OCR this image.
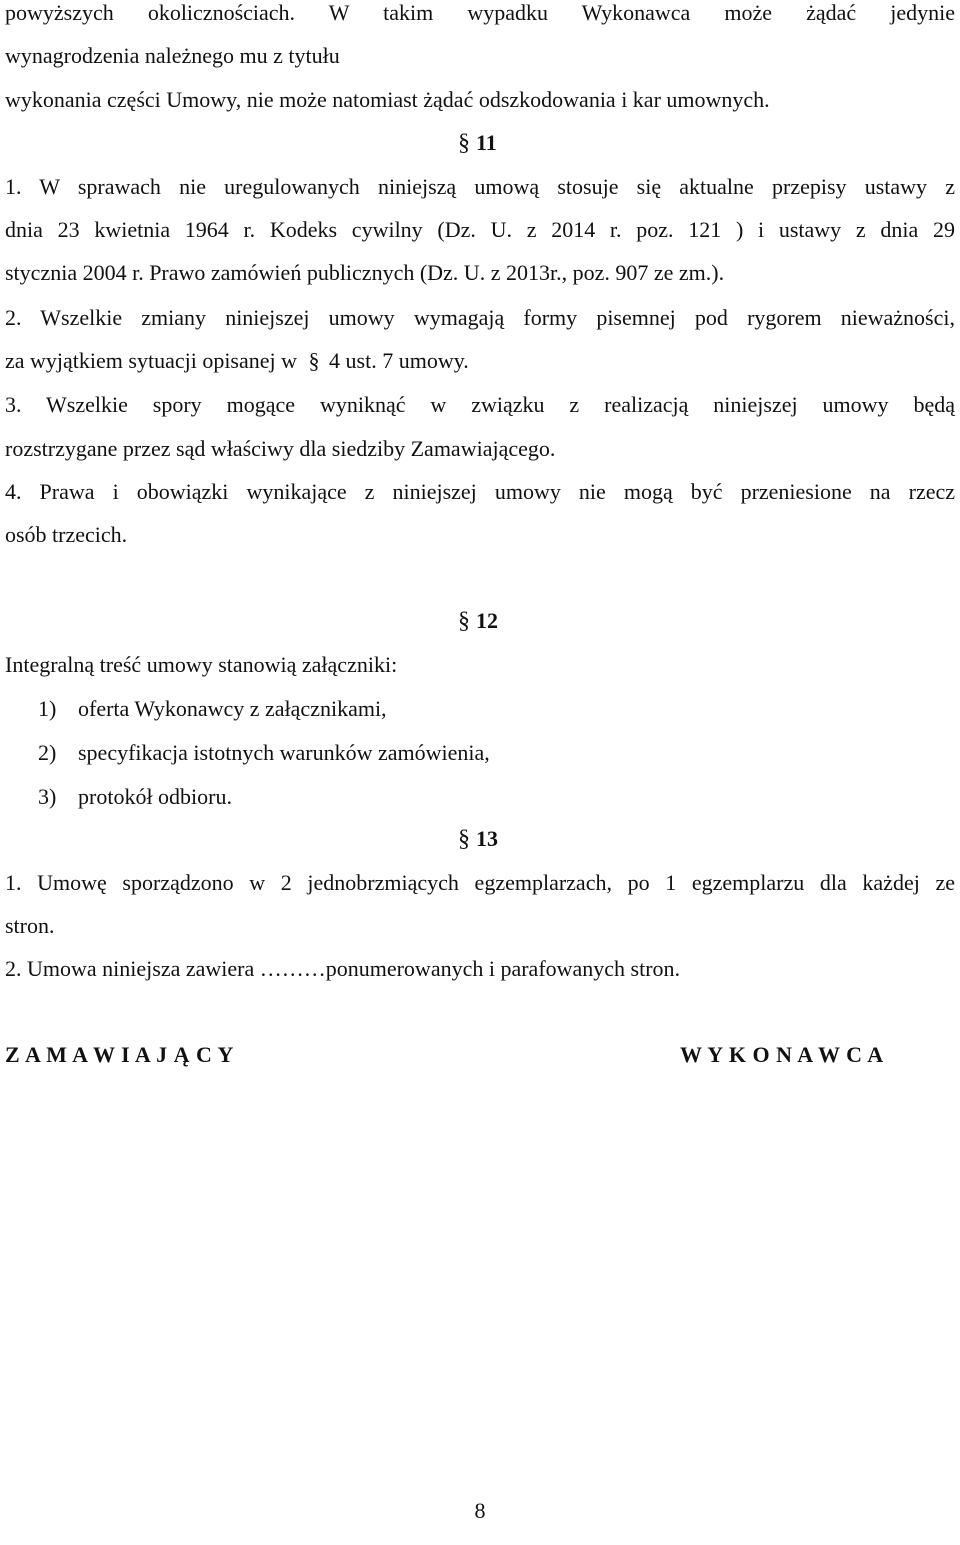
powyższych okolicznościach. W takim wypadku Wykonawca może żądać jedynie
wynagrodzenia należnego mu z tytułu
wykonania części Umowy, nie może natomiast żądać odszkodowania i kar umownych.
§ 11
1. W sprawach nie uregulowanych niniejszą umową stosuje się aktualne przepisy ustawy z
dnia 23 kwietnia 1964 r. Kodeks cywilny (Dz. U. z 2014 r. poz. 121 ) i ustawy z dnia 29
stycznia 2004 r. Prawo zamówień publicznych (Dz. U. z 2013r., poz. 907 ze zm.).
2. Wszelkie zmiany niniejszej umowy wymagają formy pisemnej pod rygorem nieważności,
za wyjątkiem sytuacji opisanej w § 4 ust. 7 umowy.
3. Wszelkie spory mogące wyniknąć w związku z realizacją niniejszej umowy będą
rozstrzygane przez sąd właściwy dla siedziby Zamawiającego.
4. Prawa i obowiązki wynikające z niniejszej umowy nie mogą być przeniesione na rzecz
osób trzecich.
§ 12
Integralną treść umowy stanowią załączniki:
1) oferta Wykonawcy z załącznikami,
2) specyfikacja istotnych warunków zamówienia,
3) protokół odbioru.
§ 13
1. Umowę sporządzono w 2 jednobrzmiących egzemplarzach, po 1 egzemplarzu dla każdej ze
stron.
2. Umowa niniejsza zawiera ………ponumerowanych i parafowanych stron.
Z A M A W I A J Ą C Y	W Y K O N A W C A
8
